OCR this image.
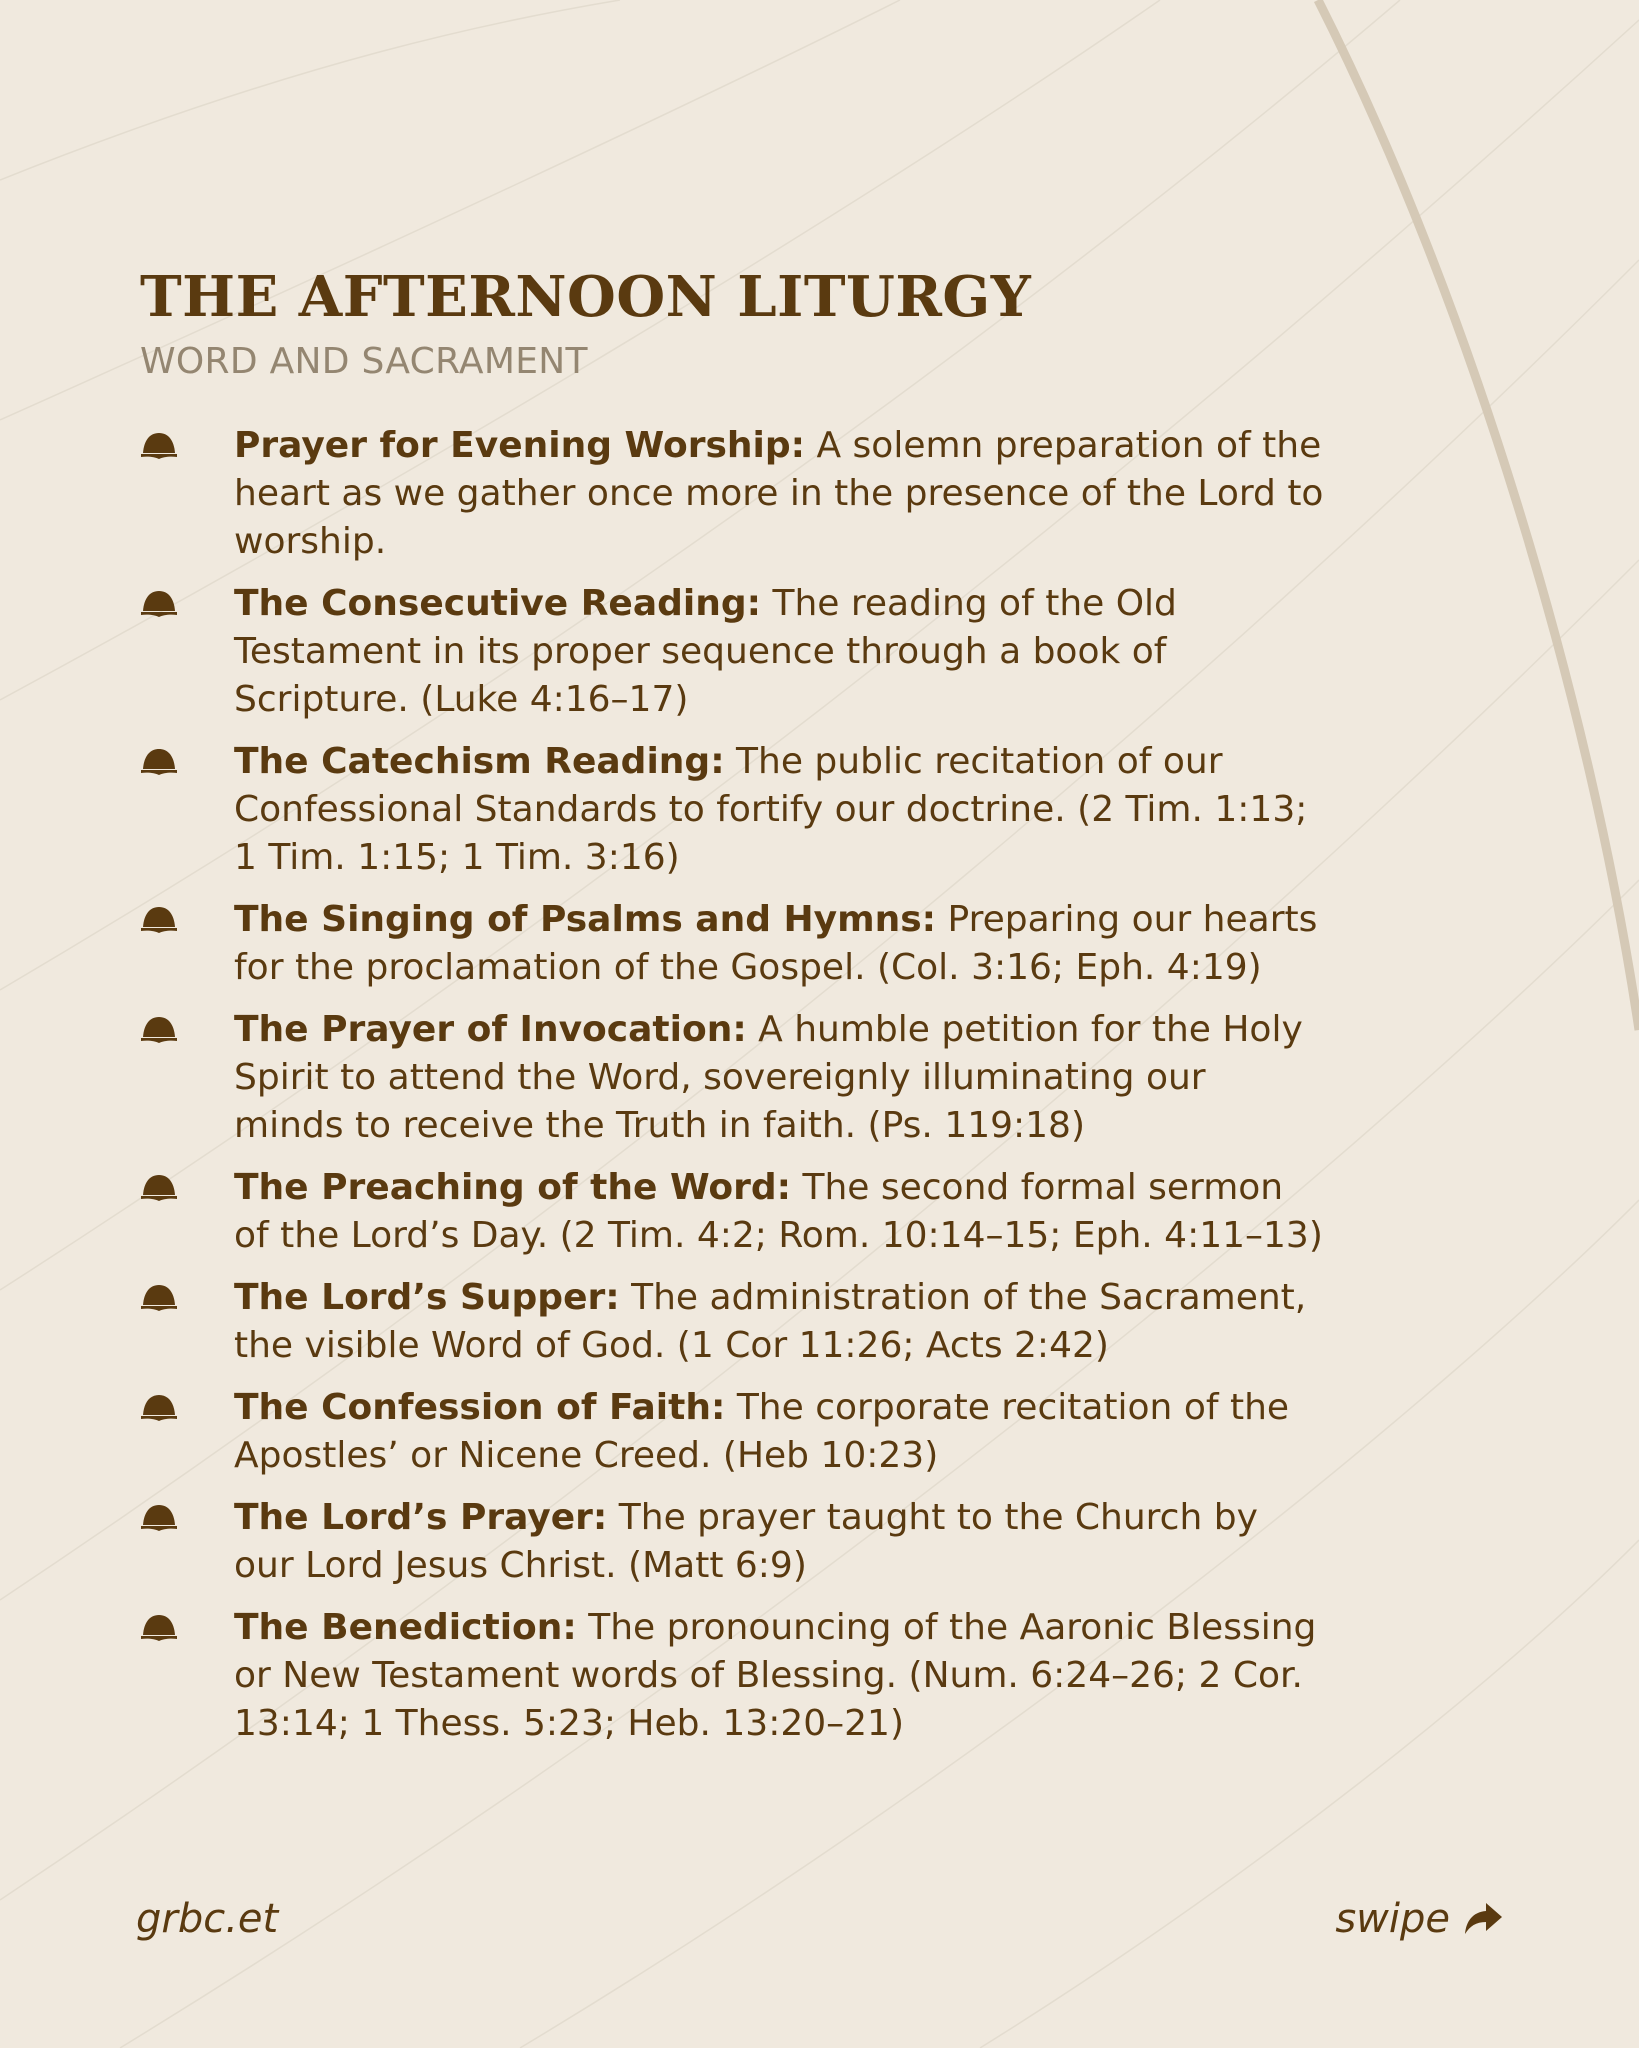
THE AFTERNOON LITURGY
WORD AND SACRAMENT
Prayer for Evening Worship: A solemn preparation of the heart as we gather once more in the presence of the Lord to worship.
The Consecutive Reading: The reading of the Old Testament in its proper sequence through a book of Scripture. (Luke 4:16–17)
The Catechism Reading: The public recitation of our Confessional Standards to fortify our doctrine. (2 Tim. 1:13; 1 Tim. 1:15; 1 Tim. 3:16)
The Singing of Psalms and Hymns: Preparing our hearts for the proclamation of the Gospel. (Col. 3:16; Eph. 4:19)
The Prayer of Invocation: A humble petition for the Holy Spirit to attend the Word, sovereignly illuminating our minds to receive the Truth in faith. (Ps. 119:18)
The Preaching of the Word: The second formal sermon of the Lord’s Day. (2 Tim. 4:2; Rom. 10:14–15; Eph. 4:11–13)
The Lord’s Supper: The administration of the Sacrament, the visible Word of God. (1 Cor 11:26; Acts 2:42)
The Confession of Faith: The corporate recitation of the Apostles’ or Nicene Creed. (Heb 10:23)
The Lord’s Prayer: The prayer taught to the Church by our Lord Jesus Christ. (Matt 6:9)
The Benediction: The pronouncing of the Aaronic Blessing or New Testament words of Blessing. (Num. 6:24–26; 2 Cor. 13:14; 1 Thess. 5:23; Heb. 13:20–21)
grbc.et	swipe
